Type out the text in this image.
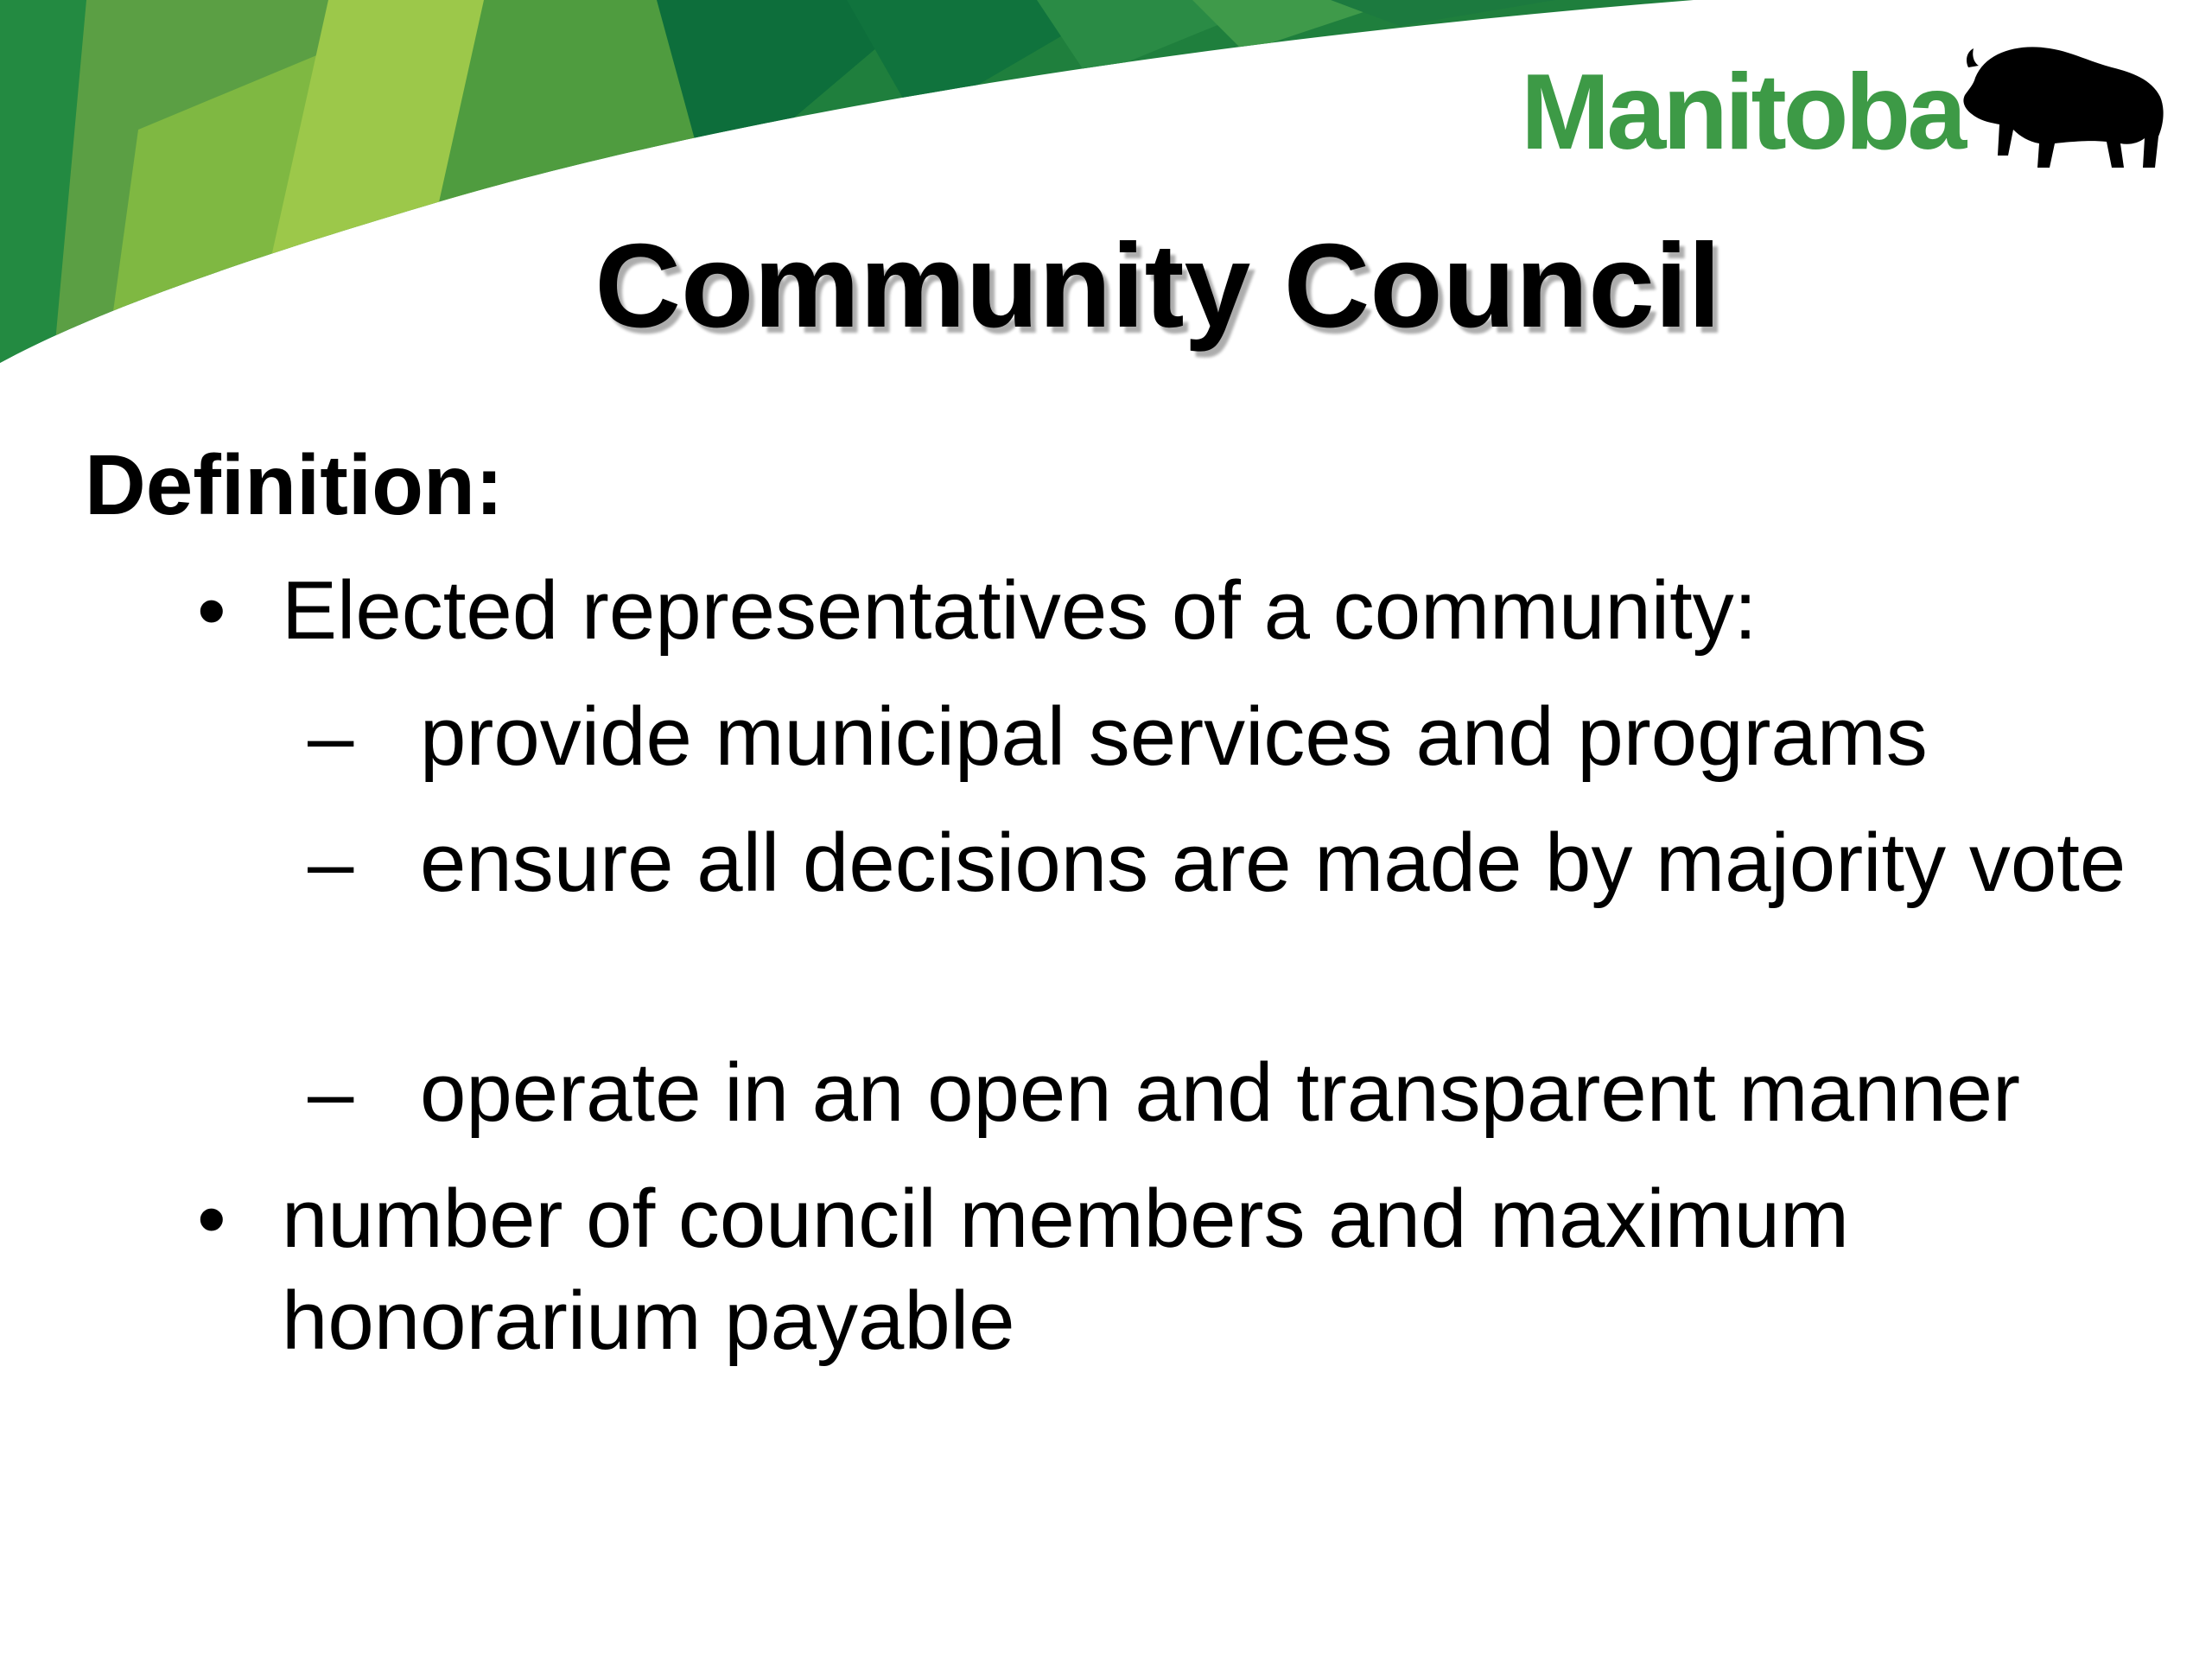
Manitoba
Community Council
Definition:
• Elected representatives of a community:
– provide municipal services and programs
– ensure all decisions are made by majority vote
– operate in an open and transparent manner
• number of council members and maximum honorarium payable
